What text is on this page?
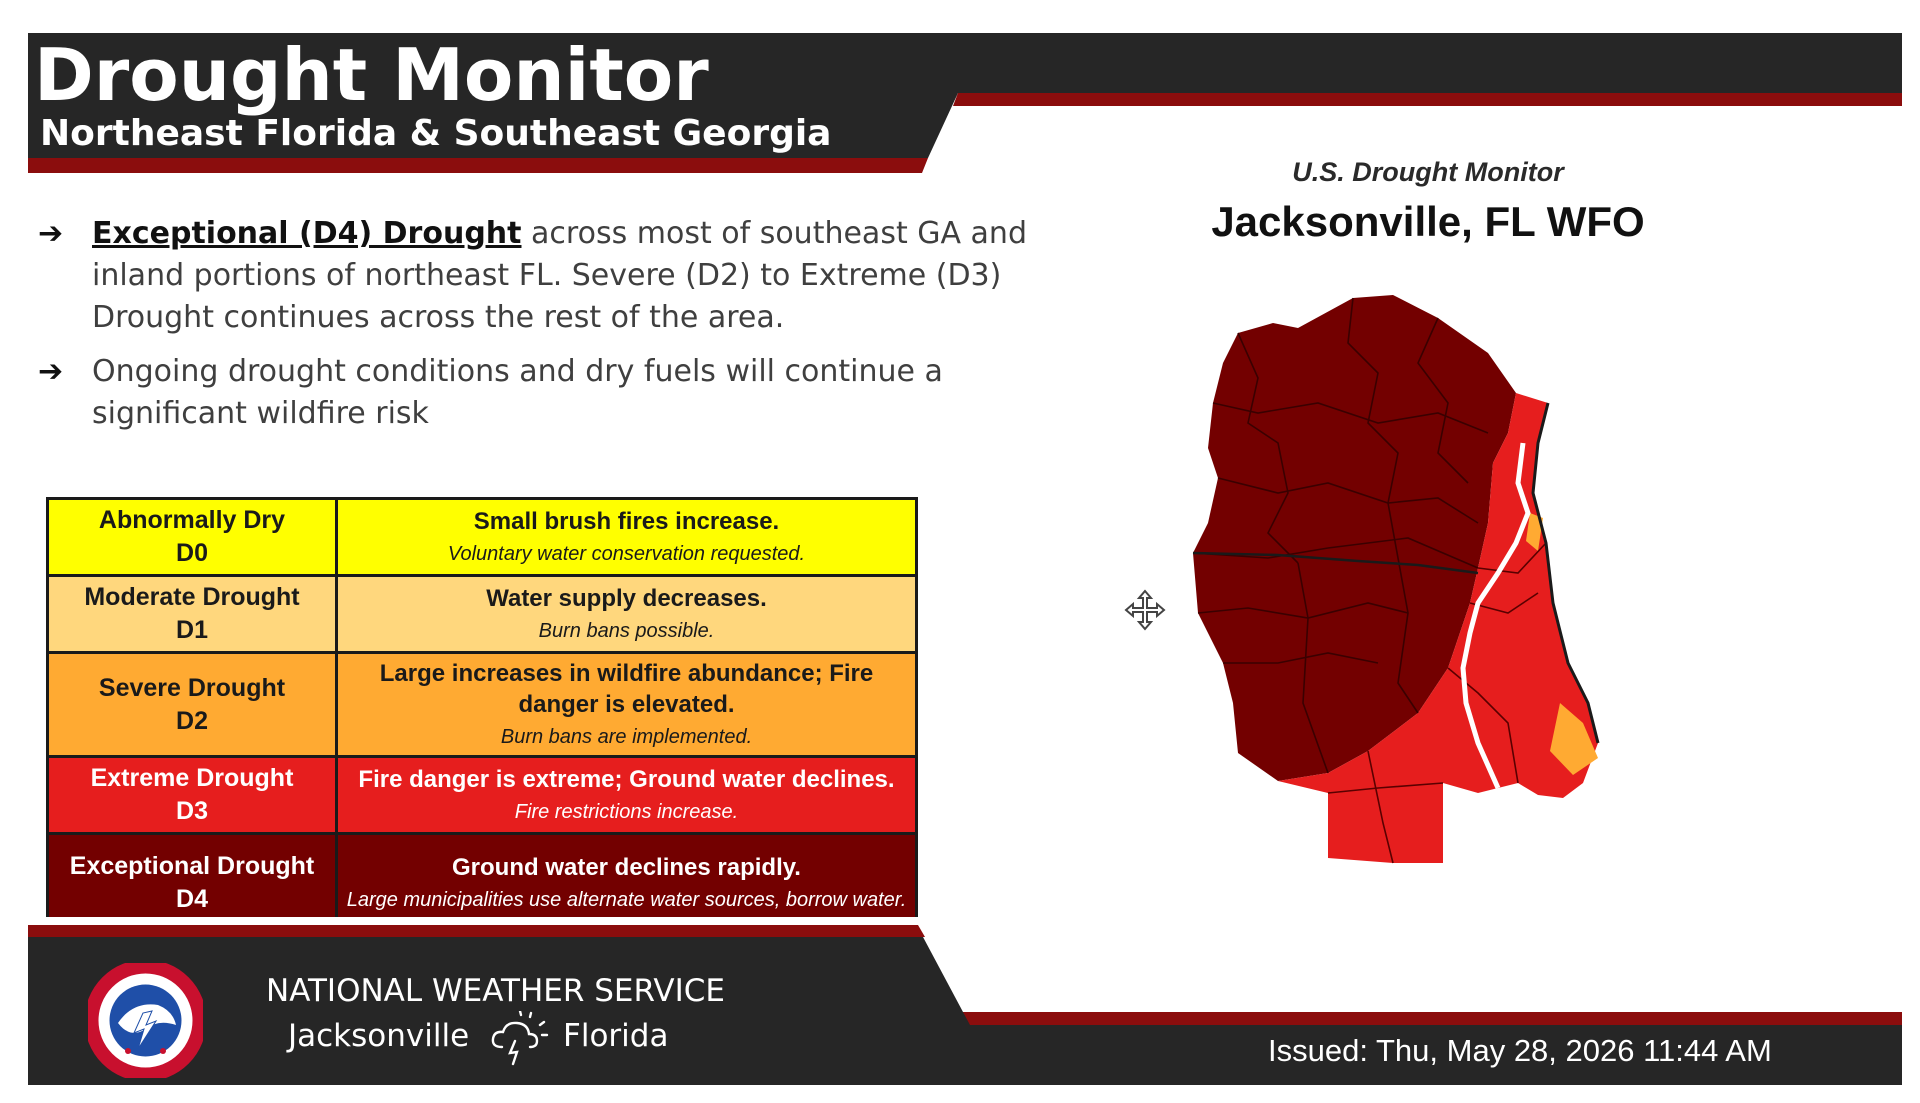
Drought Monitor
Northeast Florida & Southeast Georgia
➔ Exceptional (D4) Drought across most of southeast GA and inland portions of northeast FL. Severe (D2) to Extreme (D3) Drought continues across the rest of the area.
➔ Ongoing drought conditions and dry fuels will continue a significant wildfire risk
Abnormally Dry
D0	Small brush fires increase.
Voluntary water conservation requested.
Moderate Drought
D1	Water supply decreases.
Burn bans possible.
Severe Drought
D2	Large increases in wildfire abundance; Fire danger is elevated.
Burn bans are implemented.
Extreme Drought
D3	Fire danger is extreme; Ground water declines.
Fire restrictions increase.
Exceptional Drought
D4	Ground water declines rapidly.
Large municipalities use alternate water sources, borrow water.
U.S. Drought Monitor
Jacksonville, FL WFO
NATIONAL WEATHER SERVICE
Jacksonville	Florida	Issued: Thu, May 28, 2026 11:44 AM
